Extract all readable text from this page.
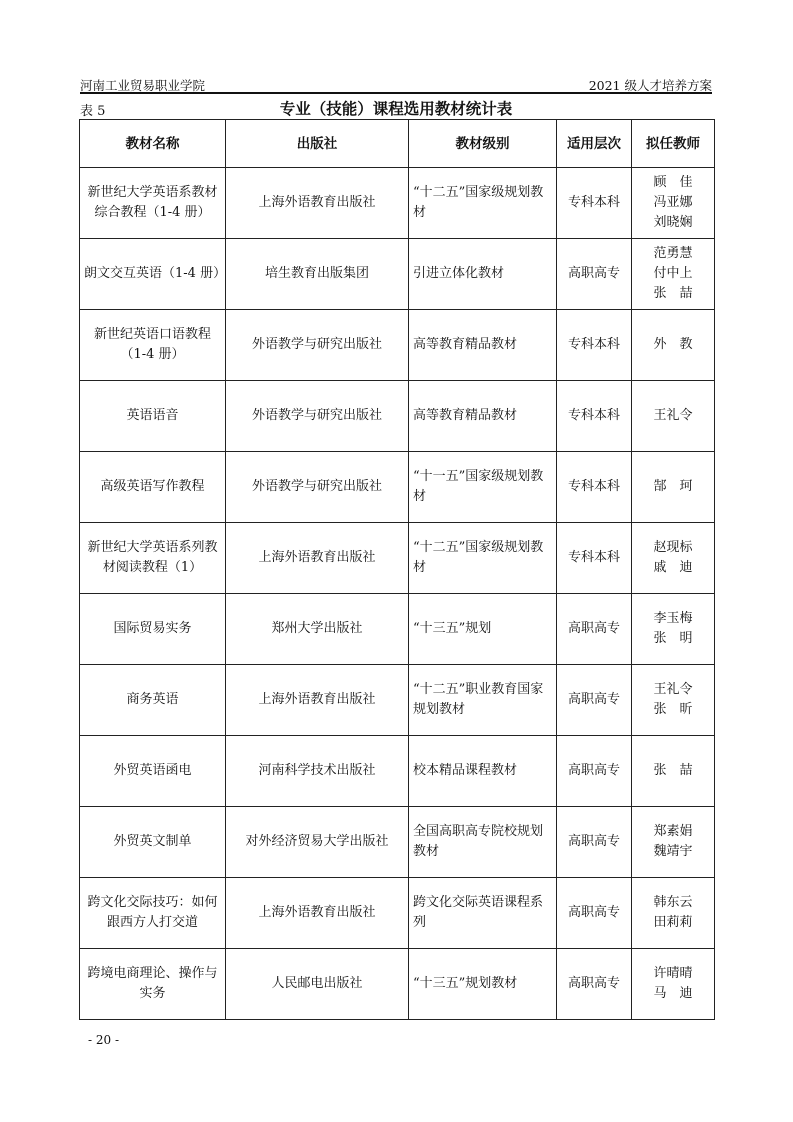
河南工业贸易职业学院	2021 级人才培养方案
表 5	专业（技能）课程选用教材统计表
教材名称	出版社	教材级别	适用层次	拟任教师
新世纪大学英语系教材综合教程（1-4 册）	上海外语教育出版社	“十二五”国家级规划教材	专科本科	顾　佳
冯亚娜
刘晓娴

朗文交互英语（1-4 册）	培生教育出版集团	引进立体化教材	高职高专	范勇慧
付中上
张　喆

新世纪英语口语教程（1-4 册）	外语教学与研究出版社	高等教育精品教材	专科本科	外　教

英语语音	外语教学与研究出版社	高等教育精品教材	专科本科	王礼令

高级英语写作教程	外语教学与研究出版社	“十一五”国家级规划教材	专科本科	郜　珂

新世纪大学英语系列教材阅读教程（1）	上海外语教育出版社	“十二五”国家级规划教材	专科本科	赵现标
戚　迪

国际贸易实务	郑州大学出版社	“十三五”规划	高职高专	李玉梅
张　明

商务英语	上海外语教育出版社	“十二五”职业教育国家规划教材	高职高专	王礼令
张　昕

外贸英语函电	河南科学技术出版社	校本精品课程教材	高职高专	张　喆

外贸英文制单	对外经济贸易大学出版社	全国高职高专院校规划教材	高职高专	郑素娟
魏靖宇

跨文化交际技巧：如何跟西方人打交道	上海外语教育出版社	跨文化交际英语课程系列	高职高专	韩东云
田莉莉

跨境电商理论、操作与实务	人民邮电出版社	“十三五”规划教材	高职高专	许晴晴
马　迪
- 20 -
